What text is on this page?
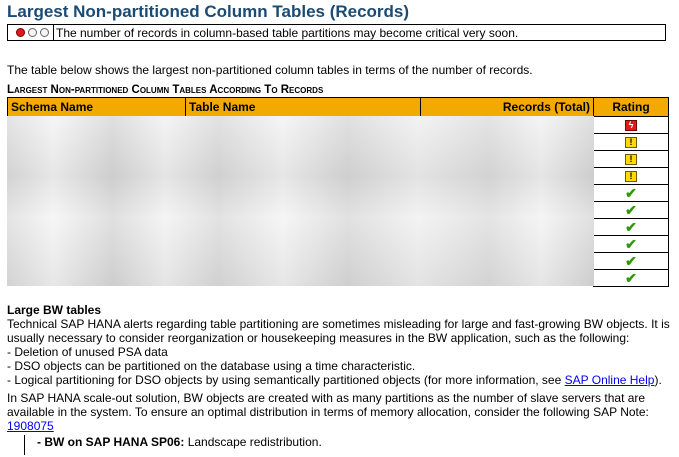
Largest Non-partitioned Column Tables (Records)
The number of records in column-based table partitions may become critical very soon.
The table below shows the largest non-partitioned column tables in terms of the number of records.
Largest Non-partitioned Column Tables According To Records
Schema Name	Table Name	Records (Total)	Rating
			ϟ
			!
			!
			!
			✔
			✔
			✔
			✔
			✔
			✔
Large BW tables
Technical SAP HANA alerts regarding table partitioning are sometimes misleading for large and fast-growing BW objects. It is usually necessary to consider reorganization or housekeeping measures in the BW application, such as the following:
- Deletion of unused PSA data
- DSO objects can be partitioned on the database using a time characteristic.
- Logical partitioning for DSO objects by using semantically partitioned objects (for more information, see SAP Online Help).
In SAP HANA scale-out solution, BW objects are created with as many partitions as the number of slave servers that are available in the system. To ensure an optimal distribution in terms of memory allocation, consider the following SAP Note:
1908075
- BW on SAP HANA SP06: Landscape redistribution.
